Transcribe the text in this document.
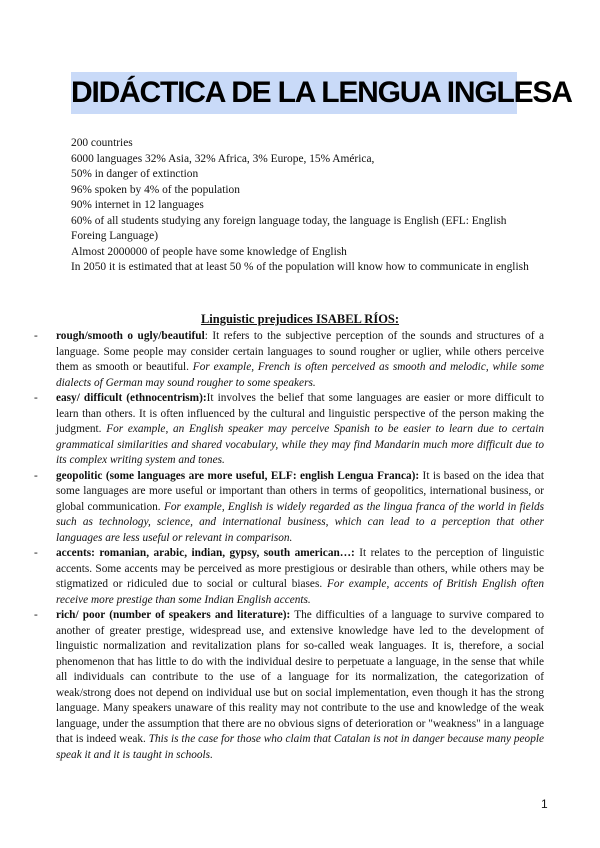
DIDÁCTICA DE LA LENGUA INGLESA
200 countries
6000 languages 32% Asia, 32% Africa, 3% Europe, 15% América,
50% in danger of extinction
96% spoken by 4% of the population
90% internet in 12 languages
60% of all students studying any foreign language today, the language is English (EFL: English Foreing Language)
Almost 2000000 of people have some knowledge of English
In 2050 it is estimated that at least 50 % of the population will know how to communicate in english
Linguistic prejudices ISABEL RÍOS:
- rough/smooth o ugly/beautiful: It refers to the subjective perception of the sounds and structures of a language. Some people may consider certain languages to sound rougher or uglier, while others perceive them as smooth or beautiful. For example, French is often perceived as smooth and melodic, while some dialects of German may sound rougher to some speakers.
- easy/ difficult (ethnocentrism):It involves the belief that some languages are easier or more difficult to learn than others. It is often influenced by the cultural and linguistic perspective of the person making the judgment. For example, an English speaker may perceive Spanish to be easier to learn due to certain grammatical similarities and shared vocabulary, while they may find Mandarin much more difficult due to its complex writing system and tones.
- geopolitic (some languages are more useful, ELF: english Lengua Franca): It is based on the idea that some languages are more useful or important than others in terms of geopolitics, international business, or global communication. For example, English is widely regarded as the lingua franca of the world in fields such as technology, science, and international business, which can lead to a perception that other languages are less useful or relevant in comparison.
- accents: romanian, arabic, indian, gypsy, south american…: It relates to the perception of linguistic accents. Some accents may be perceived as more prestigious or desirable than others, while others may be stigmatized or ridiculed due to social or cultural biases. For example, accents of British English often receive more prestige than some Indian English accents.
- rich/ poor (number of speakers and literature): The difficulties of a language to survive compared to another of greater prestige, widespread use, and extensive knowledge have led to the development of linguistic normalization and revitalization plans for so-called weak languages. It is, therefore, a social phenomenon that has little to do with the individual desire to perpetuate a language, in the sense that while all individuals can contribute to the use of a language for its normalization, the categorization of weak/strong does not depend on individual use but on social implementation, even though it has the strong language. Many speakers unaware of this reality may not contribute to the use and knowledge of the weak language, under the assumption that there are no obvious signs of deterioration or "weakness" in a language that is indeed weak. This is the case for those who claim that Catalan is not in danger because many people speak it and it is taught in schools.
1
